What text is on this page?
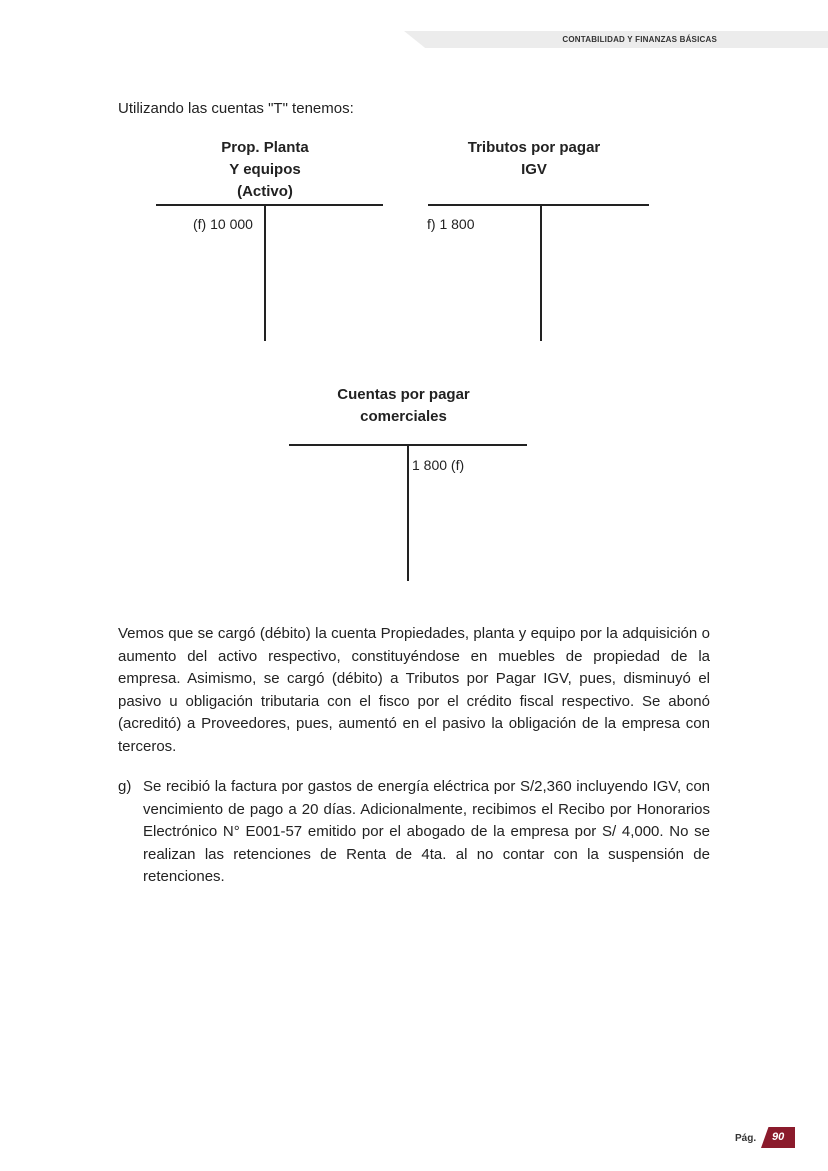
CONTABILIDAD Y FINANZAS BÁSICAS
Utilizando las cuentas "T" tenemos:
Prop. Planta
Y equipos
(Activo)
(f) 10 000
Tributos por pagar
IGV
f) 1 800
Cuentas por pagar
comerciales
1 800 (f)

Vemos que se cargó (débito) la cuenta Propiedades, planta y equipo por la adquisición o aumento del activo respectivo, constituyéndose en muebles de propiedad de la empresa. Asimismo, se cargó (débito) a Tributos por Pagar IGV, pues, disminuyó el pasivo u obligación tributaria con el fisco por el crédito fiscal respectivo. Se abonó (acreditó) a Proveedores, pues, aumentó en el pasivo la obligación de la empresa con terceros.

g) Se recibió la factura por gastos de energía eléctrica por S/2,360 incluyendo IGV, con vencimiento de pago a 20 días. Adicionalmente, recibimos el Recibo por Honorarios Electrónico N° E001-57 emitido por el abogado de la empresa por S/ 4,000. No se realizan las retenciones de Renta de 4ta. al no contar con la suspensión de retenciones.
Pág. 90
